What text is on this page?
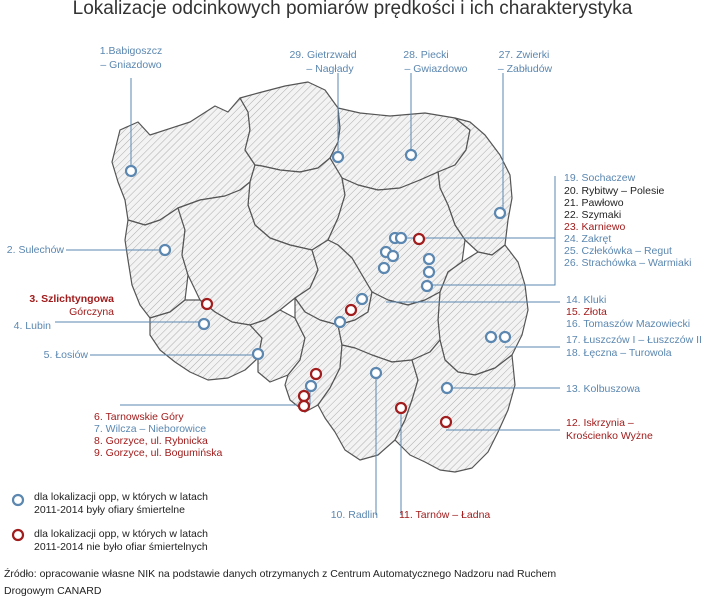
Lokalizacje odcinkowych pomiarów prędkości i ich charakterystyka
1.Babigoszcz
– Gniazdowo
29. Gietrzwałd
– Nagłady
28. Piecki
– Gwiazdowo
27. Zwierki
– Zabłudów
19. Sochaczew
20. Rybitwy – Polesie
21. Pawłowo
22. Szymaki
23. Karniewo
24. Zakręt
25. Człekówka – Regut
26. Strachówka – Warmiaki
2. Sulechów
3. Szlichtyngowa
Górczyna
4. Lubin
5. Łosiów
14. Kluki
15. Złota
16. Tomaszów Mazowiecki
17. Łuszczów I – Łuszczów II
18. Łęczna – Turowola
13. Kolbuszowa
12. Iskrzynia –
Krościenko Wyżne
6. Tarnowskie Góry
7. Wilcza – Nieborowice
8. Gorzyce, ul. Rybnicka
9. Gorzyce, ul. Bogumińska
10. Radlin 11. Tarnów – Ładna
dla lokalizacji opp, w których w latach
2011-2014 były ofiary śmiertelne
dla lokalizacji opp, w których w latach
2011-2014 nie było ofiar śmiertelnych
Źródło: opracowanie własne NIK na podstawie danych otrzymanych z Centrum Automatycznego Nadzoru nad Ruchem
Drogowym CANARD
